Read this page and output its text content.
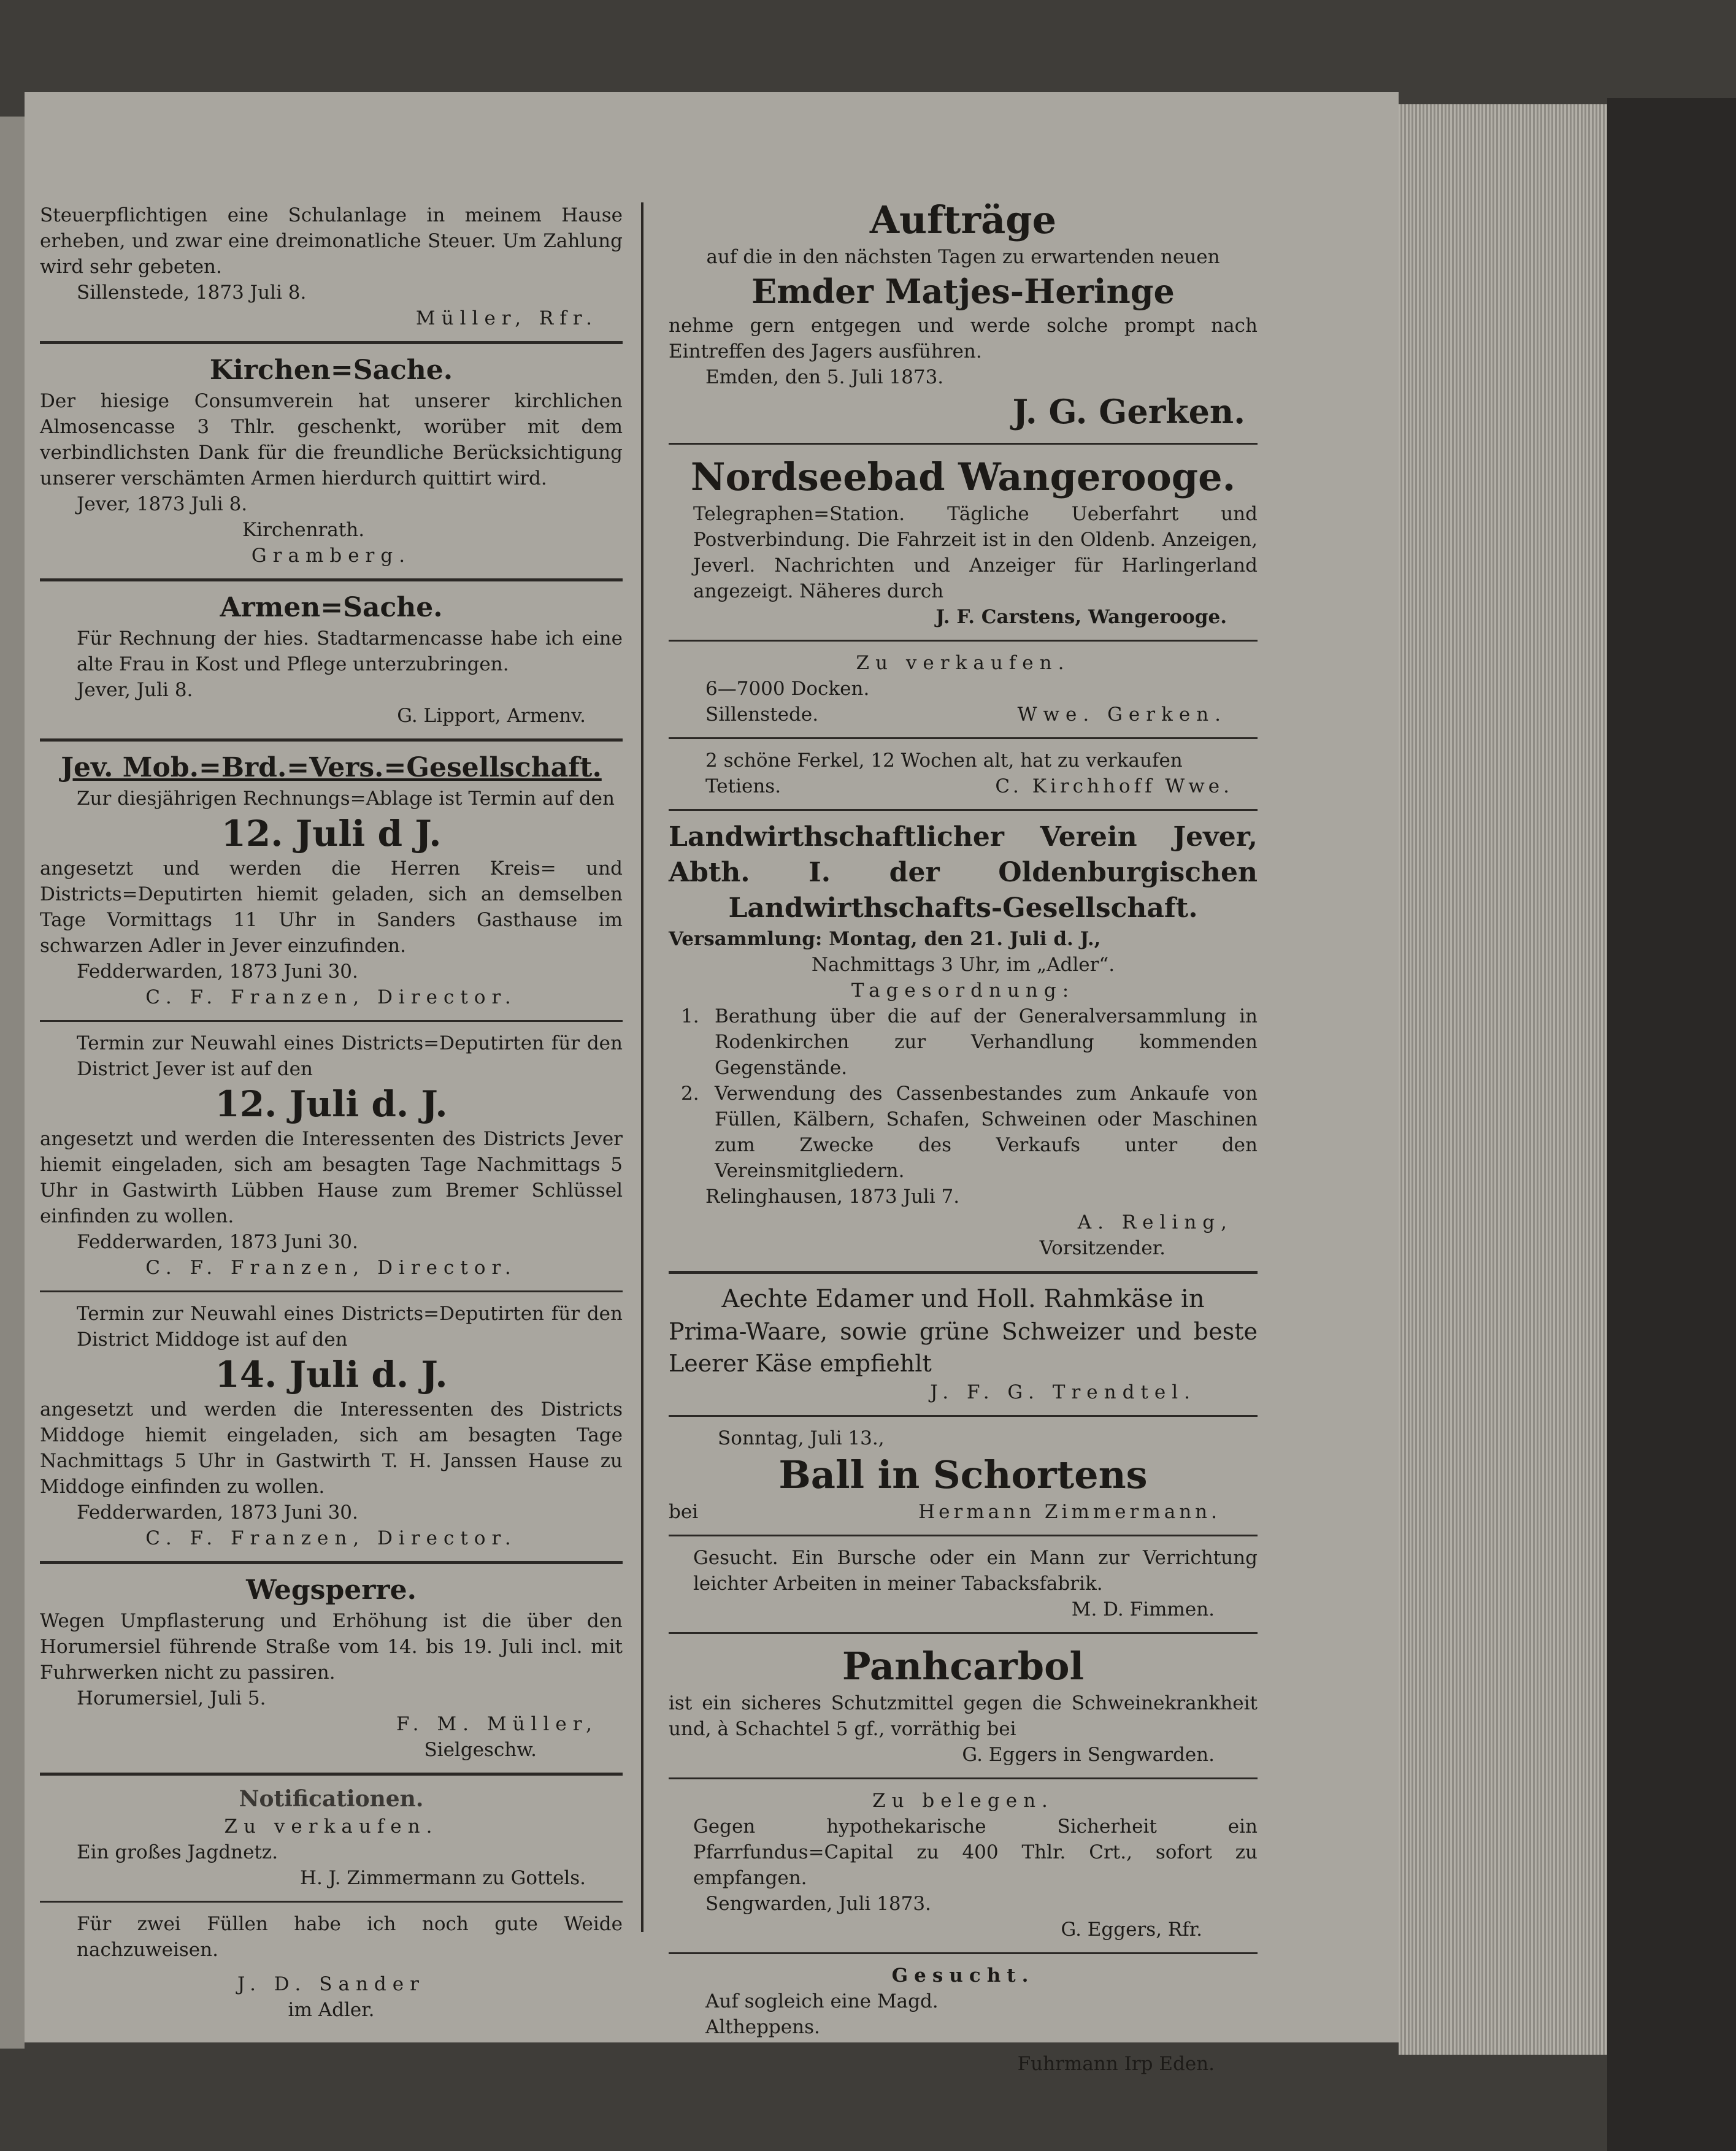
Steuerpflichtigen eine Schulanlage in meinem Hause erheben, und zwar eine dreimonatliche Steuer. Um Zahlung wird sehr gebeten.

Sillenstede, 1873 Juli 8.

Müller, Rfr.

Kirchen=Sache.

Der hiesige Consumverein hat unserer kirchlichen Almosencasse 3 Thlr. geschenkt, worüber mit dem verbindlichsten Dank für die freundliche Berücksichtigung unserer verschämten Armen hierdurch quittirt wird.

Jever, 1873 Juli 8.

Kirchenrath.

Gramberg.

Armen=Sache.

Für Rechnung der hies. Stadtarmencasse habe ich eine alte Frau in Kost und Pflege unterzubringen.

Jever, Juli 8.

G. Lipport, Armenv.

Jev. Mob.=Brd.=Vers.=Gesellschaft.

Zur diesjährigen Rechnungs=Ablage ist Termin auf den

12. Juli d J.

angesetzt und werden die Herren Kreis= und Districts=Deputirten hiemit geladen, sich an demselben Tage Vormittags 11 Uhr in Sanders Gasthause im schwarzen Adler in Jever einzufinden.

Fedderwarden, 1873 Juni 30.

C. F. Franzen, Director.

Termin zur Neuwahl eines Districts=Deputirten für den District Jever ist auf den

12. Juli d. J.

angesetzt und werden die Interessenten des Districts Jever hiemit eingeladen, sich am besagten Tage Nachmittags 5 Uhr in Gastwirth Lübben Hause zum Bremer Schlüssel einfinden zu wollen.

Fedderwarden, 1873 Juni 30.

C. F. Franzen, Director.

Termin zur Neuwahl eines Districts=Deputirten für den District Middoge ist auf den

14. Juli d. J.

angesetzt und werden die Interessenten des Districts Middoge hiemit eingeladen, sich am besagten Tage Nachmittags 5 Uhr in Gastwirth T. H. Janssen Hause zu Middoge einfinden zu wollen.

Fedderwarden, 1873 Juni 30.

C. F. Franzen, Director.

Wegsperre.

Wegen Umpflasterung und Erhöhung ist die über den Horumersiel führende Straße vom 14. bis 19. Juli incl. mit Fuhrwerken nicht zu passiren.

Horumersiel, Juli 5.

F. M. Müller,

Sielgeschw.

Notificationen.

Zu verkaufen.

Ein großes Jagdnetz.

H. J. Zimmermann zu Gottels.

Für zwei Füllen habe ich noch gute Weide nachzuweisen.

J. D. Sander

im Adler.

Aufträge

auf die in den nächsten Tagen zu erwartenden neuen

Emder Matjes-Heringe

nehme gern entgegen und werde solche prompt nach Eintreffen des Jagers ausführen.

Emden, den 5. Juli 1873.

J. G. Gerken.
Nordseebad Wangerooge.

Telegraphen=Station. Tägliche Ueberfahrt und Postverbindung. Die Fahrzeit ist in den Oldenb. Anzeigen, Jeverl. Nachrichten und Anzeiger für Harlingerland angezeigt. Näheres durch

J. F. Carstens, Wangerooge.

Zu verkaufen.

6—7000 Docken.

Sillenstede.	Wwe. Gerken.

2 schöne Ferkel, 12 Wochen alt, hat zu verkaufen

Tetiens.	C. Kirchhoff Wwe.
Landwirthschaftlicher Verein Jever, Abth. I. der Oldenburgischen Landwirthschafts-Gesellschaft.

Versammlung: Montag, den 21. Juli d. J.,

Nachmittags 3 Uhr, im „Adler“.

Tagesordnung:

1. Berathung über die auf der Generalversammlung in Rodenkirchen zur Verhandlung kommenden Gegenstände.
2. Verwendung des Cassenbestandes zum Ankaufe von Füllen, Kälbern, Schafen, Schweinen oder Maschinen zum Zwecke des Verkaufs unter den Vereinsmitgliedern.

Relinghausen, 1873 Juli 7.

A. Reling,

Vorsitzender.

Aechte Edamer und Holl. Rahmkäse in

Prima-Waare, sowie grüne Schweizer und beste Leerer Käse empfiehlt

J. F. G. Trendtel.

Sonntag, Juli 13.,

Ball in Schortens
bei	Hermann Zimmermann.

Gesucht. Ein Bursche oder ein Mann zur Verrichtung leichter Arbeiten in meiner Tabacksfabrik.

M. D. Fimmen.

Panhcarbol

ist ein sicheres Schutzmittel gegen die Schweinekrankheit und, à Schachtel 5 gf., vorräthig bei

G. Eggers in Sengwarden.

Zu belegen.

Gegen hypothekarische Sicherheit ein Pfarrfundus=Capital zu 400 Thlr. Crt., sofort zu empfangen.

Sengwarden, Juli 1873.

G. Eggers, Rfr.

Gesucht.

Auf sogleich eine Magd.

Altheppens.

Fuhrmann Irp Eden.
